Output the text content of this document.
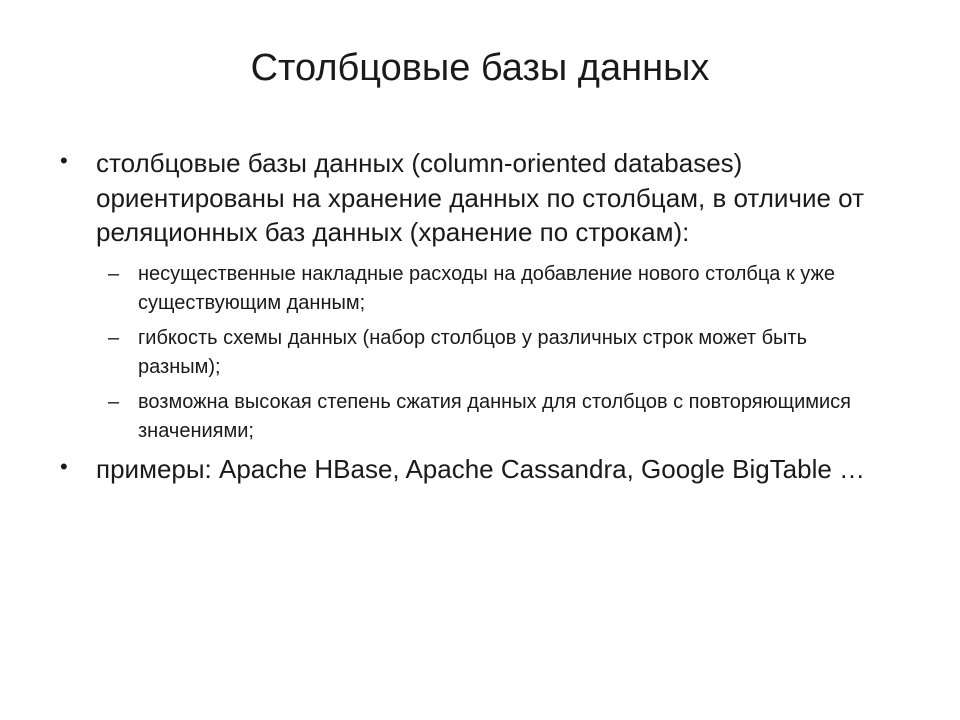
Столбцовые базы данных
•	столбцовые базы данных (column-oriented databases) ориентированы на хранение данных по столбцам, в отличие от реляционных баз данных (хранение по строкам):
– несущественные накладные расходы на добавление нового столбца к уже существующим данным;
– гибкость схемы данных (набор столбцов у различных строк может быть разным);
– возможна высокая степень сжатия данных для столбцов с повторяющимися значениями;
•	примеры: Apache HBase, Apache Cassandra, Google BigTable …
